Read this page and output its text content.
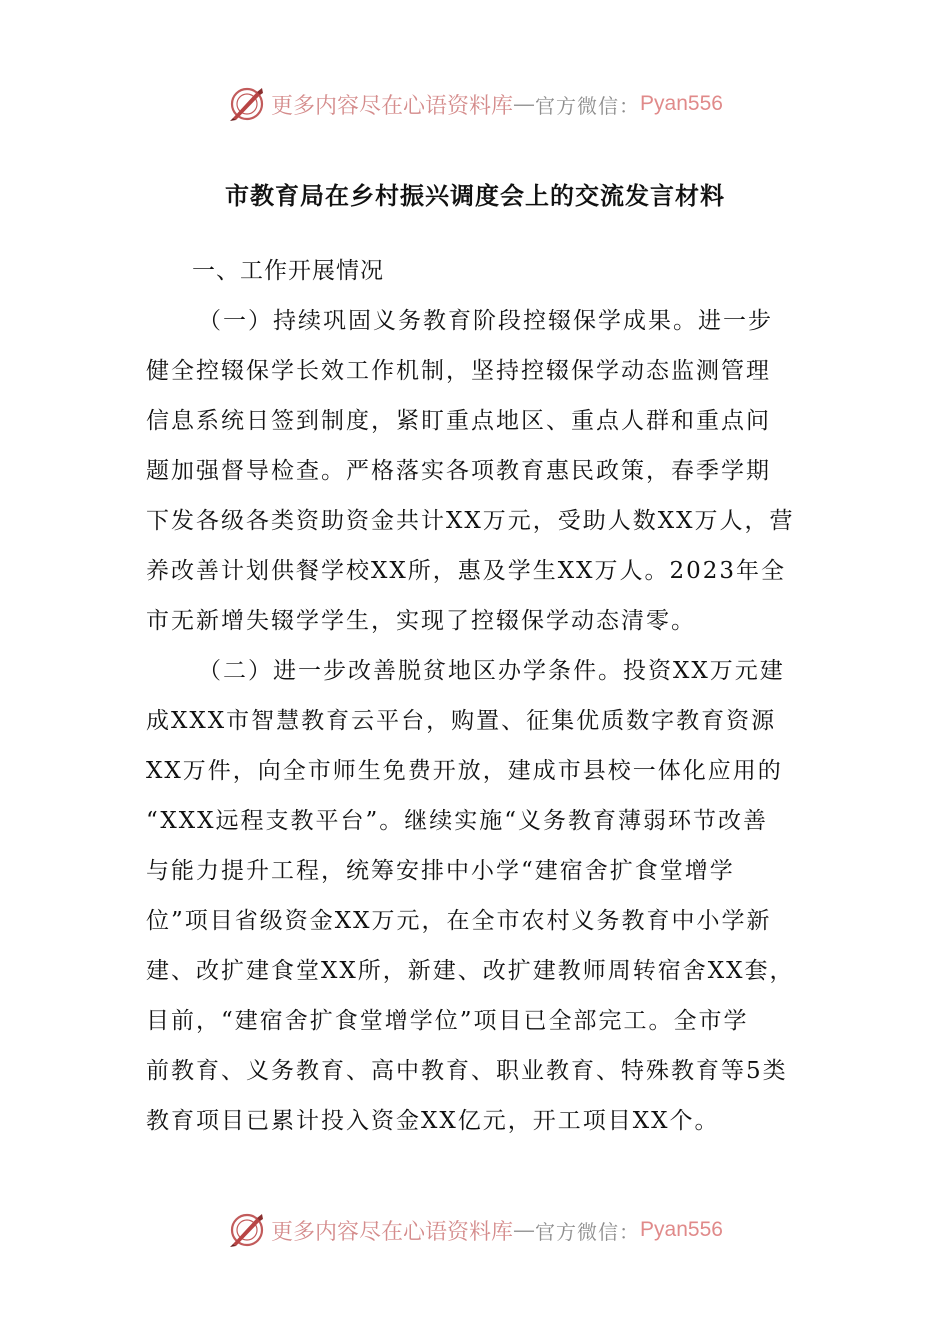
更多内容尽在心语资料库 — 官方微信： Pyan556
市教育局在乡村振兴调度会上的交流发言材料
一、工作开展情况
（一）持续巩固义务教育阶段控辍保学成果。进一步
健全控辍保学长效工作机制，坚持控辍保学动态监测管理
信息系统日签到制度，紧盯重点地区、重点人群和重点问
题加强督导检查。严格落实各项教育惠民政策，春季学期
下发各级各类资助资金共计XX万元，受助人数XX万人，营
养改善计划供餐学校XX所，惠及学生XX万人。2023年全
市无新增失辍学学生，实现了控辍保学动态清零。
（二）进一步改善脱贫地区办学条件。投资XX万元建
成XXX市智慧教育云平台，购置、征集优质数字教育资源
XX万件，向全市师生免费开放，建成市县校一体化应用的
“XXX远程支教平台”。继续实施“义务教育薄弱环节改善
与能力提升工程，统筹安排中小学“建宿舍扩食堂增学
位”项目省级资金XX万元，在全市农村义务教育中小学新
建、改扩建食堂XX所，新建、改扩建教师周转宿舍XX套，
目前，“建宿舍扩食堂增学位”项目已全部完工。全市学
前教育、义务教育、高中教育、职业教育、特殊教育等5类
教育项目已累计投入资金XX亿元，开工项目XX个。
更多内容尽在心语资料库 — 官方微信： Pyan556
